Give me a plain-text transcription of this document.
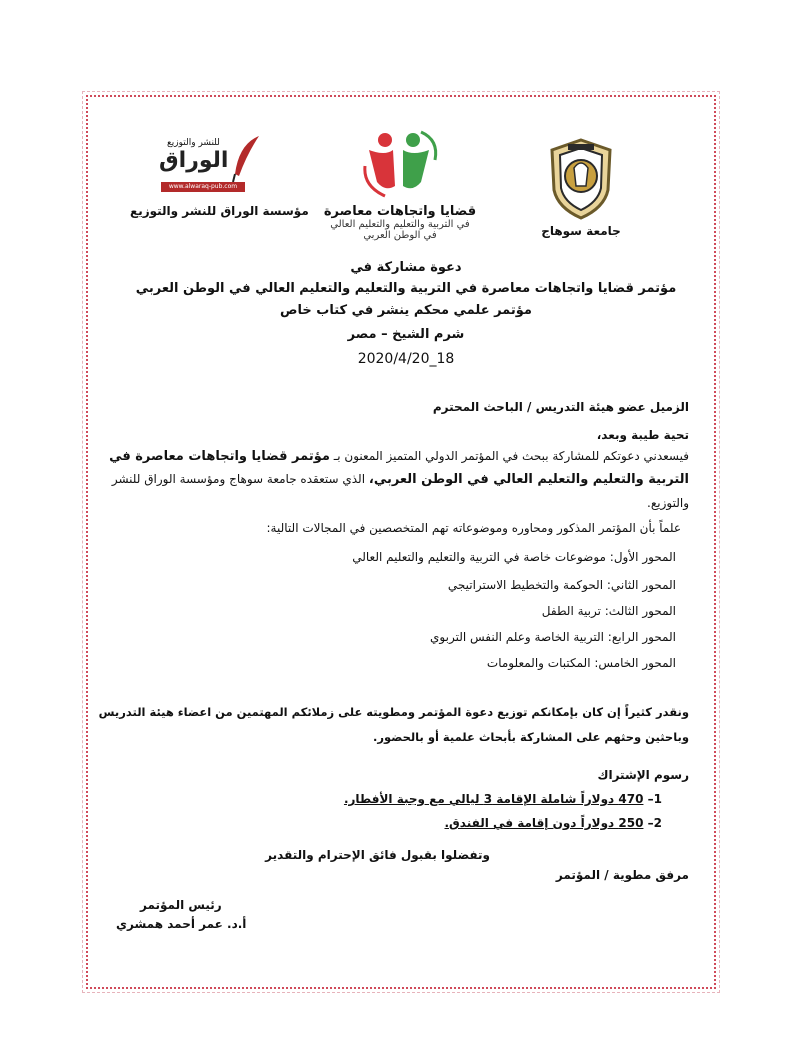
جامعة سوهاج
قضايا واتجاهات معاصرة
في التربية والتعليم والتعليم العالي
في الوطن العربي
للنشر والتوزيع
الوراق
www.alwaraq-pub.com
مؤسسة الوراق للنشر والتوزيع
دعوة مشاركة في
مؤتمر قضايا واتجاهات معاصرة في التربية والتعليم والتعليم العالي في الوطن العربي
مؤتمر علمي محكم ينشر في كتاب خاص
شرم الشيخ – مصر
2020/4/20_18
الزميل عضو هيئة التدريس / الباحث المحترم
تحية طيبة وبعد،
فيسعدني دعوتكم للمشاركة ببحث في المؤتمر الدولي المتميز المعنون بـ مؤتمر قضايا واتجاهات معاصرة في
التربية والتعليم والتعليم العالي في الوطن العربي، الذي ستعقده جامعة سوهاج ومؤسسة الوراق للنشر
والتوزيع.
علماً بأن المؤتمر المذكور ومحاوره وموضوعاته تهم المتخصصين في المجالات التالية:
المحور الأول: موضوعات خاصة في التربية والتعليم والتعليم العالي
المحور الثاني: الحوكمة والتخطيط الاستراتيجي
المحور الثالث: تربية الطفل
المحور الرابع: التربية الخاصة وعلم النفس التربوي
المحور الخامس: المكتبات والمعلومات
ونقدر كثيراً إن كان بإمكانكم توزيع دعوة المؤتمر ومطويته على زملائكم المهتمين من اعضاء هيئة التدريس
وباحثين وحثهم على المشاركة بأبحاث علمية أو بالحضور.
رسوم الإشتراك
1– 470 دولاراً شاملة الإقامة 3 ليالي مع وجبة الأفطار.
2– 250 دولاراً دون إقامة في الفندق.
وتفضلوا بقبول فائق الإحترام والتقدير
مرفق مطوية / المؤتمر
رئيس المؤتمر
أ.د. عمر أحمد همشري
